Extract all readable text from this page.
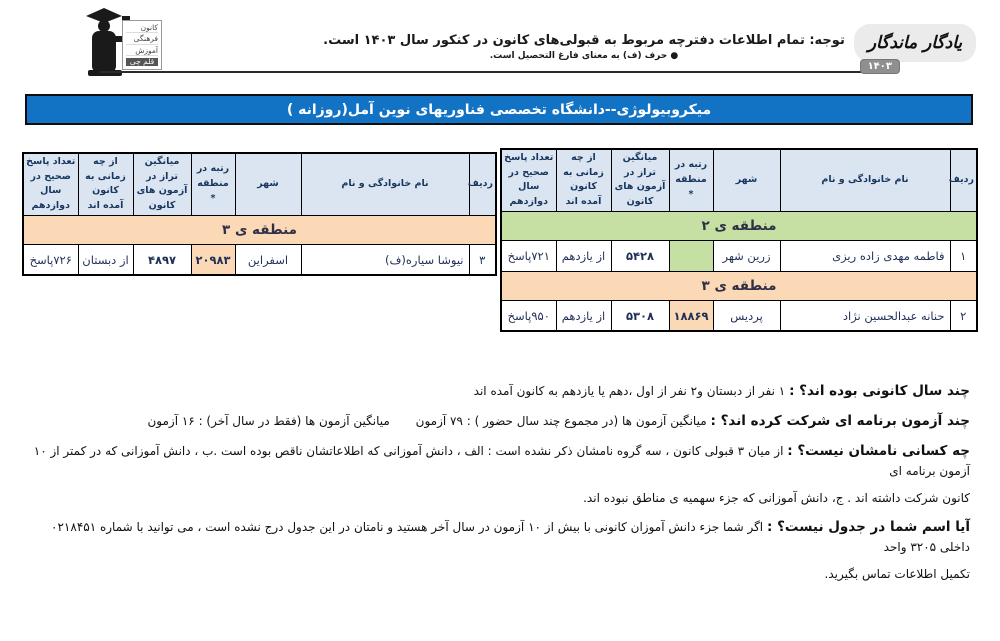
کانون
فرهنگی
آموزش
قلم چی
توجه: تمام اطلاعات دفترچه مربوط به قبولی‌های کانون در کنکور سال ۱۴۰۳ است.
● حرف (ف) به معنای فارغ التحصیل است.
یادگار ماندگار
۱۴۰۳
میکروبیولوژی--دانشگاه تخصصی فناوریهای نوین آمل(روزانه )
ردیف	نام خانوادگی و نام	شهر	رتبه در منطقه *	میانگین تراز در آزمون های کانون	از چه زمانی به کانون آمده اند	تعداد پاسخ صحیح در سال دوازدهم
منطقه ی ۲						
۱	فاطمه مهدی زاده ریزی	زرین شهر		۵۴۲۸	از یازدهم	۷۲۱پاسخ
منطقه ی ۳						
۲	حنانه عبدالحسین نژاد	پردیس	۱۸۸۶۹	۵۳۰۸	از یازدهم	۹۵۰پاسخ
ردیف	نام خانوادگی و نام	شهر	رتبه در منطقه *	میانگین تراز در آزمون های کانون	از چه زمانی به کانون آمده اند	تعداد پاسخ صحیح در سال دوازدهم
منطقه ی ۳						
۳	نیوشا سیاره(ف)	اسفراین	۲۰۹۸۳	۴۸۹۷	از دبستان	۷۲۶پاسخ
چند سال کانونی بوده اند؟ : ۱ نفر از دبستان و۲ نفر از اول ،دهم یا یازدهم به کانون آمده اند
چند آزمون برنامه ای شرکت کرده اند؟ : میانگین آزمون ها (در مجموع چند سال حضور ) : ۷۹ آزمون میانگین آزمون ها (فقط در سال آخر) : ۱۶ آزمون
چه کسانی نامشان نیست؟ : از میان ۳ قبولی کانون ، سه گروه نامشان ذکر نشده است : الف ، دانش آموزانی که اطلاعاتشان ناقص بوده است .ب ، دانش آموزانی که در کمتر از ۱۰ آزمون برنامه ای
کانون شرکت داشته اند . ج، دانش آموزانی که جزء سهمیه ی مناطق نبوده اند.
آیا اسم شما در جدول نیست؟ : اگر شما جزء دانش آموزان کانونی با بیش از ۱۰ آزمون در سال آخر هستید و نامتان در این جدول درج نشده است ، می توانید با شماره ۰۲۱۸۴۵۱ داخلی ۳۲۰۵ واحد
تکمیل اطلاعات تماس بگیرید.
